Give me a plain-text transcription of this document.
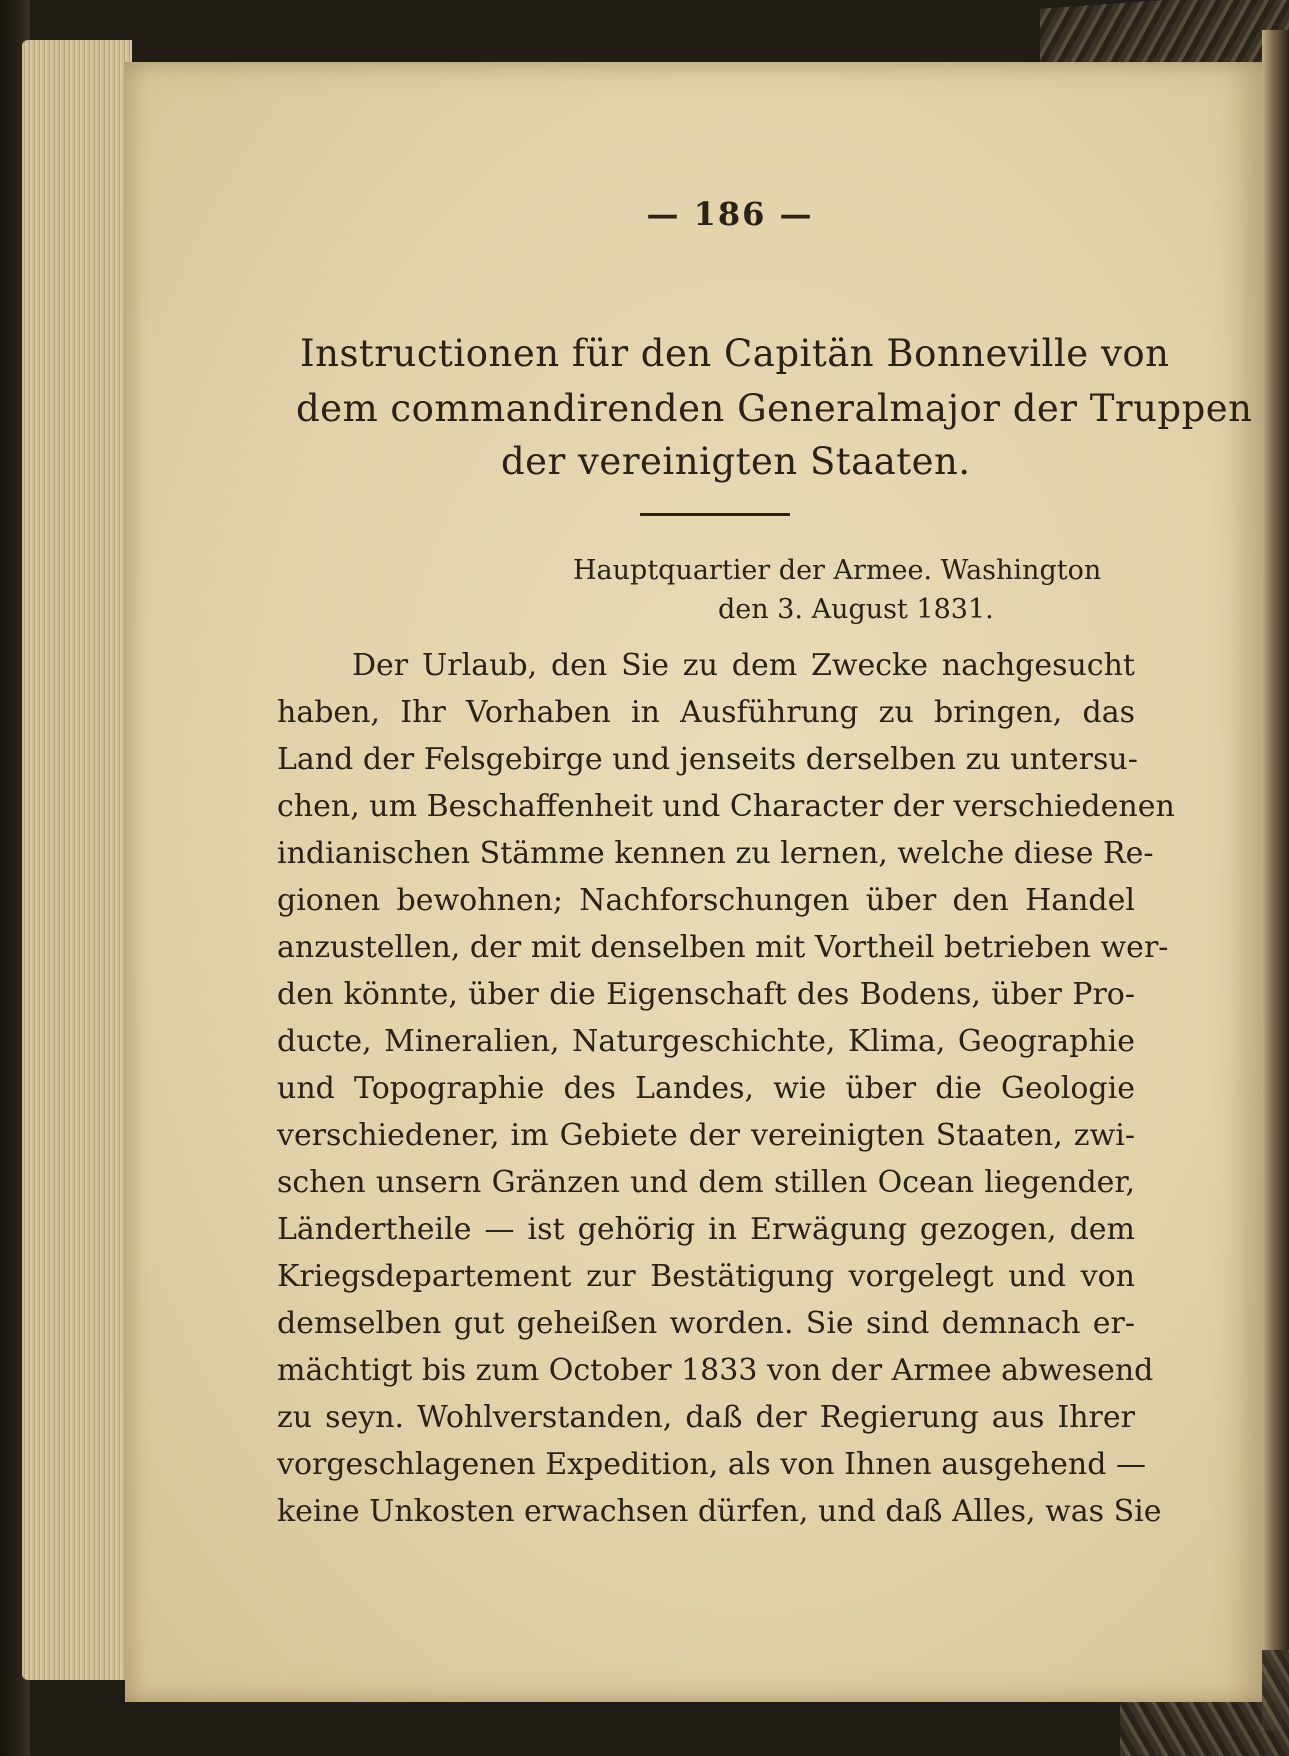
— 186 —
Instructionen für den Capitän Bonneville von
dem commandirenden Generalmajor der Truppen
der vereinigten Staaten.
Hauptquartier der Armee. Washington
den 3. August 1831.
Der Urlaub, den Sie zu dem Zwecke nachgesucht
haben, Ihr Vorhaben in Ausführung zu bringen, das
Land der Felsgebirge und jenseits derselben zu untersu-
chen, um Beschaffenheit und Character der verschiedenen
indianischen Stämme kennen zu lernen, welche diese Re-
gionen bewohnen; Nachforschungen über den Handel
anzustellen, der mit denselben mit Vortheil betrieben wer-
den könnte, über die Eigenschaft des Bodens, über Pro-
ducte, Mineralien, Naturgeschichte, Klima, Geographie
und Topographie des Landes, wie über die Geologie
verschiedener, im Gebiete der vereinigten Staaten, zwi-
schen unsern Gränzen und dem stillen Ocean liegender,
Ländertheile — ist gehörig in Erwägung gezogen, dem
Kriegsdepartement zur Bestätigung vorgelegt und von
demselben gut geheißen worden. Sie sind demnach er-
mächtigt bis zum October 1833 von der Armee abwesend
zu seyn. Wohlverstanden, daß der Regierung aus Ihrer
vorgeschlagenen Expedition, als von Ihnen ausgehend —
keine Unkosten erwachsen dürfen, und daß Alles, was Sie
